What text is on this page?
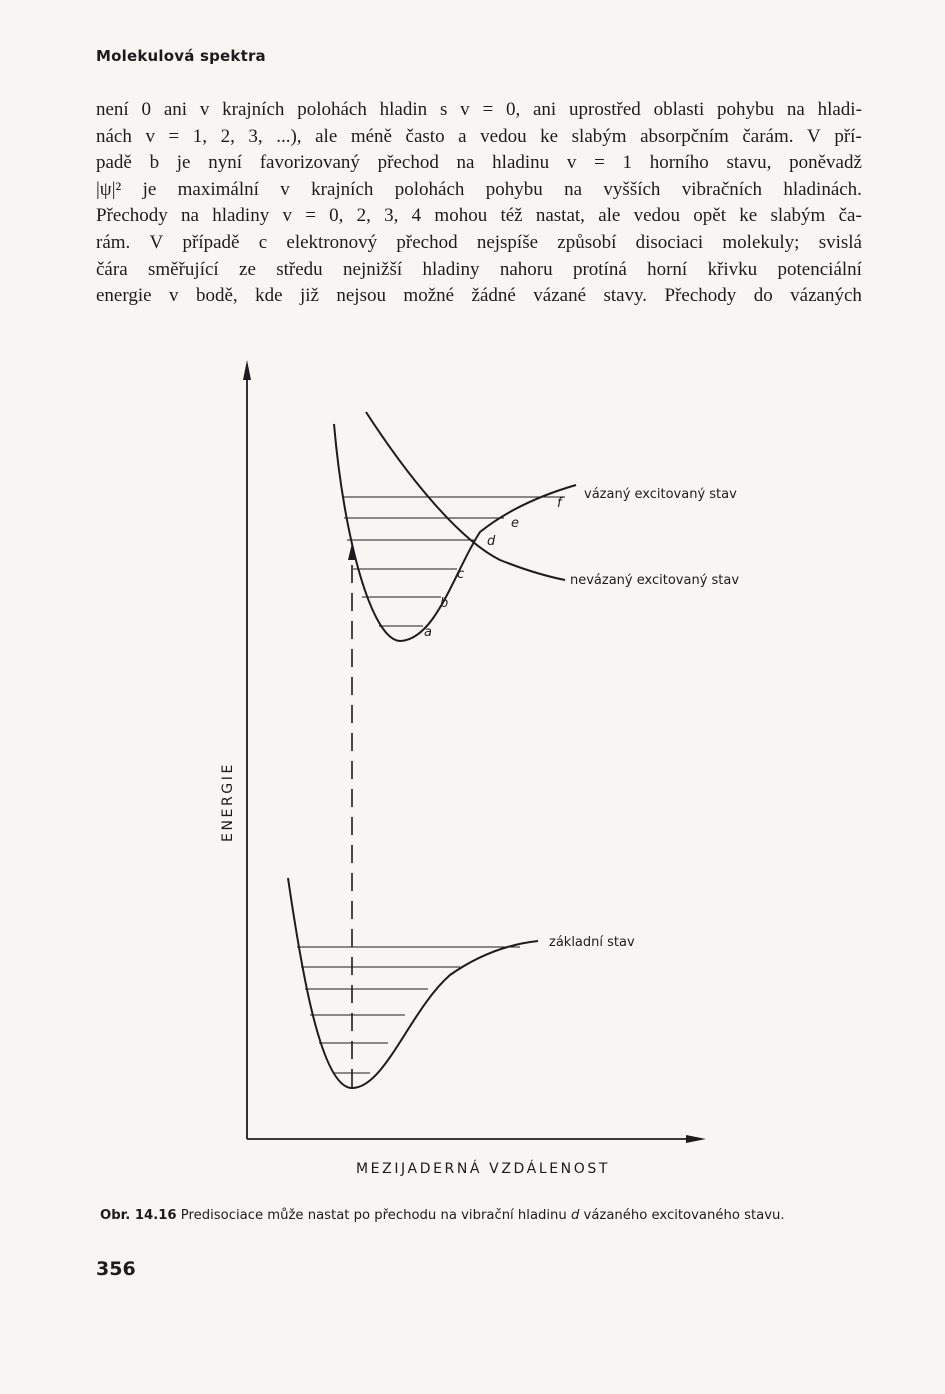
Molekulová spektra
není 0 ani v krajních polohách hladin s v = 0, ani uprostřed oblasti pohybu na hladi-
nách v = 1, 2, 3, ...), ale méně často a vedou ke slabým absorpčním čarám. V pří-
padě b je nyní favorizovaný přechod na hladinu v = 1 horního stavu, poněvadž
|ψ|² je maximální v krajních polohách pohybu na vyšších vibračních hladinách.
Přechody na hladiny v = 0, 2, 3, 4 mohou též nastat, ale vedou opět ke slabým ča-
rám. V případě c elektronový přechod nejspíše způsobí disociaci molekuly; svislá
čára směřující ze středu nejnižší hladiny nahoru protíná horní křivku potenciální
energie v bodě, kde již nejsou možné žádné vázané stavy. Přechody do vázaných
ENERGIE
MEZIJADERNÁ VZDÁLENOST
a
b
c
d
e
f
vázaný excitovaný stav
nevázaný excitovaný stav
základní stav
Obr. 14.16 Predisociace může nastat po přechodu na vibrační hladinu d vázaného excitovaného stavu.
356
